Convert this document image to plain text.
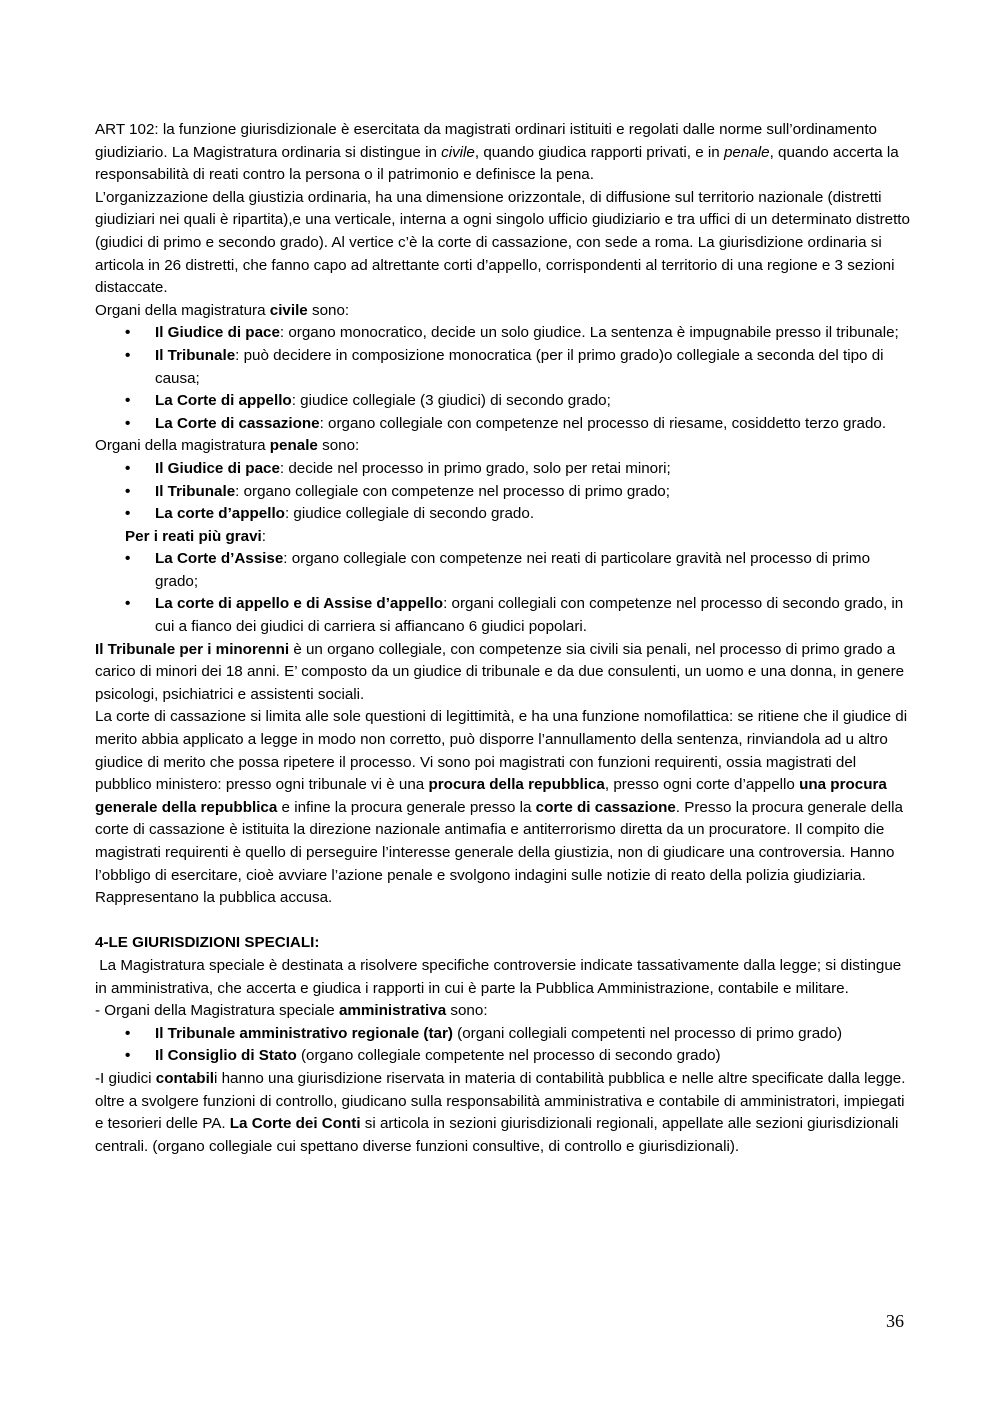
ART 102: la funzione giurisdizionale è esercitata da magistrati ordinari istituiti e regolati dalle norme sull’ordinamento giudiziario. La Magistratura ordinaria si distingue in civile, quando giudica rapporti privati, e in penale, quando accerta la responsabilità di reati contro la persona o il patrimonio e definisce la pena.

L’organizzazione della giustizia ordinaria, ha una dimensione orizzontale, di diffusione sul territorio nazionale (distretti giudiziari nei quali è ripartita),e una verticale, interna a ogni singolo ufficio giudiziario e tra uffici di un determinato distretto (giudici di primo e secondo grado). Al vertice c’è la corte di cassazione, con sede a roma. La giurisdizione ordinaria si articola in 26 distretti, che fanno capo ad altrettante corti d’appello, corrispondenti al territorio di una regione e 3 sezioni distaccate.

Organi della magistratura civile sono:

• Il Giudice di pace: organo monocratico, decide un solo giudice. La sentenza è impugnabile presso il tribunale;
• Il Tribunale: può decidere in composizione monocratica (per il primo grado)o collegiale a seconda del tipo di causa;
• La Corte di appello: giudice collegiale (3 giudici) di secondo grado;
• La Corte di cassazione: organo collegiale con competenze nel processo di riesame, cosiddetto terzo grado.

Organi della magistratura penale sono:

• Il Giudice di pace: decide nel processo in primo grado, solo per retai minori;
• Il Tribunale: organo collegiale con competenze nel processo di primo grado;
• La corte d’appello: giudice collegiale di secondo grado.

Per i reati più gravi:

• La Corte d’Assise: organo collegiale con competenze nei reati di particolare gravità nel processo di primo grado;
• La corte di appello e di Assise d’appello: organi collegiali con competenze nel processo di secondo grado, in cui a fianco dei giudici di carriera si affiancano 6 giudici popolari.

Il Tribunale per i minorenni è un organo collegiale, con competenze sia civili sia penali, nel processo di primo grado a carico di minori dei 18 anni. E’ composto da un giudice di tribunale e da due consulenti, un uomo e una donna, in genere psicologi, psichiatrici e assistenti sociali.

La corte di cassazione si limita alle sole questioni di legittimità, e ha una funzione nomofilattica: se ritiene che il giudice di merito abbia applicato a legge in modo non corretto, può disporre l’annullamento della sentenza, rinviandola ad u altro giudice di merito che possa ripetere il processo. Vi sono poi magistrati con funzioni requirenti, ossia magistrati del pubblico ministero: presso ogni tribunale vi è una procura della repubblica, presso ogni corte d’appello una procura generale della repubblica e infine la procura generale presso la corte di cassazione. Presso la procura generale della corte di cassazione è istituita la direzione nazionale antimafia e antiterrorismo diretta da un procuratore. Il compito die magistrati requirenti è quello di perseguire l’interesse generale della giustizia, non di giudicare una controversia. Hanno l’obbligo di esercitare, cioè avviare l’azione penale e svolgono indagini sulle notizie di reato della polizia giudiziaria. Rappresentano la pubblica accusa.

4-LE GIURISDIZIONI SPECIALI:

La Magistratura speciale è destinata a risolvere specifiche controversie indicate tassativamente dalla legge; si distingue in amministrativa, che accerta e giudica i rapporti in cui è parte la Pubblica Amministrazione, contabile e militare.

- Organi della Magistratura speciale amministrativa sono:

• Il Tribunale amministrativo regionale (tar) (organi collegiali competenti nel processo di primo grado)
• Il Consiglio di Stato (organo collegiale competente nel processo di secondo grado)

-I giudici contabili hanno una giurisdizione riservata in materia di contabilità pubblica e nelle altre specificate dalla legge. oltre a svolgere funzioni di controllo, giudicano sulla responsabilità amministrativa e contabile di amministratori, impiegati e tesorieri delle PA. La Corte dei Conti si articola in sezioni giurisdizionali regionali, appellate alle sezioni giurisdizionali centrali. (organo collegiale cui spettano diverse funzioni consultive, di controllo e giurisdizionali).

36
